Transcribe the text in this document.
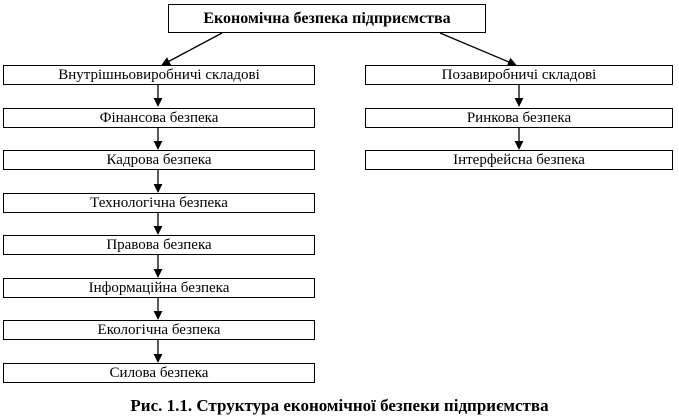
Економічна безпека підприємства
Внутрішньовиробничі складові
Фінансова безпека
Кадрова безпека
Технологічна безпека
Правова безпека
Інформаційна безпека
Екологічна безпека
Силова безпека
Позавиробничі складові
Ринкова безпека
Інтерфейсна безпека
Рис. 1.1. Структура економічної безпеки підприємства
